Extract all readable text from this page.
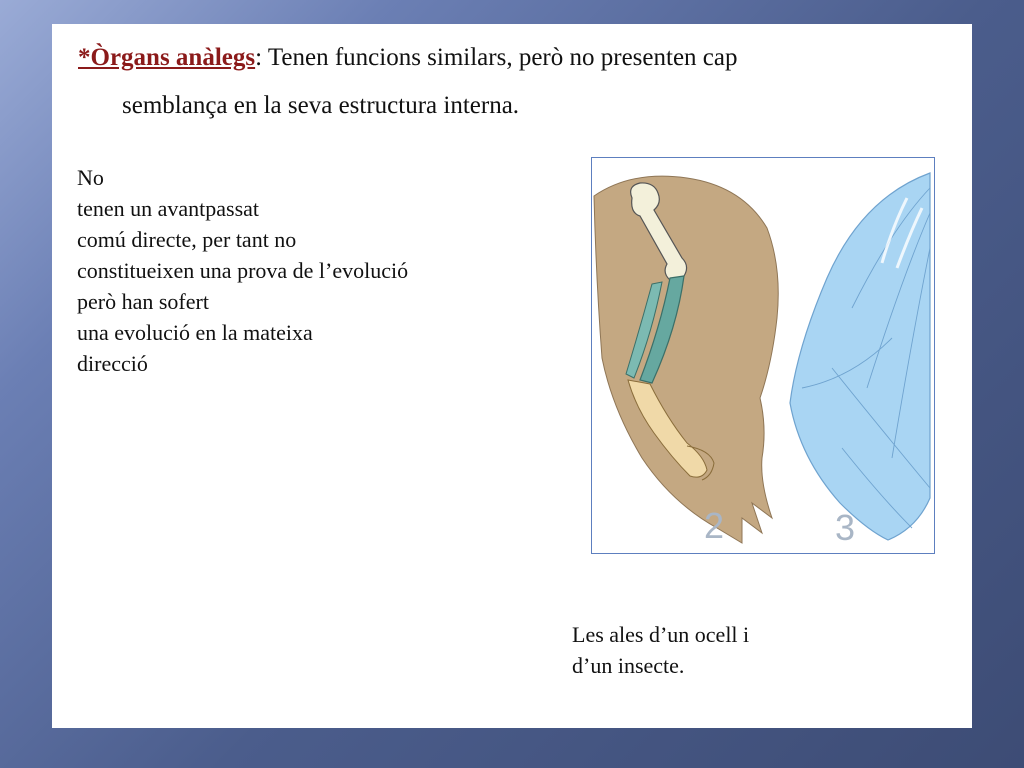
*Òrgans anàlegs: Tenen funcions similars, però no presenten cap
semblança en la seva estructura interna.
No
tenen un avantpassat
comú directe, per tant no
constitueixen una prova de l’evolució
però han sofert
una evolució en la mateixa
direcció
2	3
Les ales d’un ocell i
d’un insecte.
